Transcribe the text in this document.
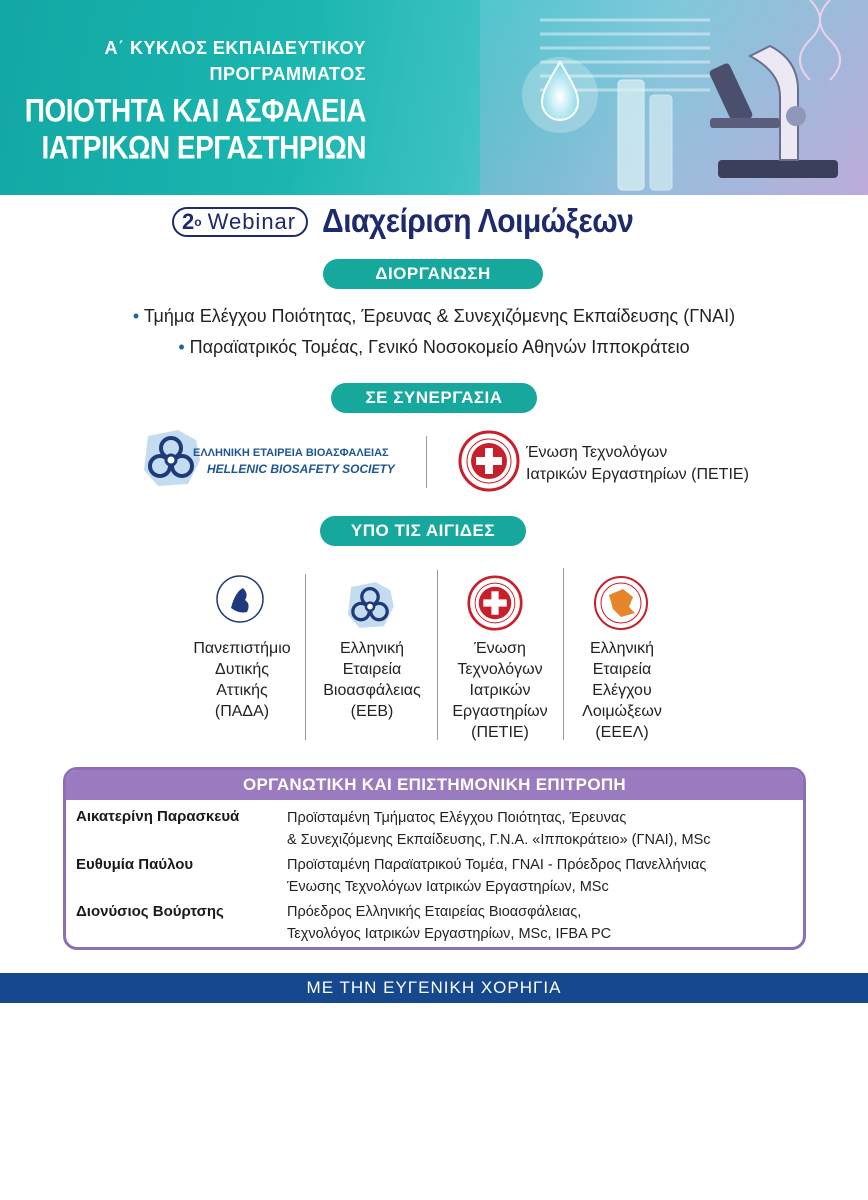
Α΄ ΚΥΚΛΟΣ ΕΚΠΑΙΔΕΥΤΙΚΟΥ
ΠΡΟΓΡΑΜΜΑΤΟΣ
ΠΟΙΟΤΗΤΑ ΚΑΙ ΑΣΦΑΛΕΙΑ
ΙΑΤΡΙΚΩΝ ΕΡΓΑΣΤΗΡΙΩΝ
2 ο Webinar Διαχείριση Λοιμώξεων
ΔΙΟΡΓΑΝΩΣΗ
• Τμήμα Ελέγχου Ποιότητας, Έρευνας & Συνεχιζόμενης Εκπαίδευσης (ΓΝΑΙ)
• Παραϊατρικός Τομέας, Γενικό Νοσοκομείο Αθηνών Ιπποκράτειο
ΣΕ ΣΥΝΕΡΓΑΣΙΑ
ΕΛΛΗΝΙΚΗ ΕΤΑΙΡΕΙΑ ΒΙΟΑΣΦΑΛΕΙΑΣ
HELLENIC BIOSAFETY SOCIETY
Ένωση Τεχνολόγων
Ιατρικών Εργαστηρίων (ΠΕΤΙΕ)
ΥΠΟ ΤΙΣ ΑΙΓΙΔΕΣ
Πανεπιστήμιο
Δυτικής
Αττικής
(ΠΑΔΑ)
Ελληνική
Εταιρεία
Βιοασφάλειας
(ΕΕΒ)
Ένωση
Τεχνολόγων
Ιατρικών
Εργαστηρίων
(ΠΕΤΙΕ)
Ελληνική
Εταιρεία
Ελέγχου
Λοιμώξεων
(ΕΕΕΛ)
ΟΡΓΑΝΩΤΙΚΗ ΚΑΙ ΕΠΙΣΤΗΜΟΝΙΚΗ ΕΠΙΤΡΟΠΗ
Αικατερίνη Παρασκευά	Προϊσταμένη Τμήματος Ελέγχου Ποιότητας, Έρευνας
& Συνεχιζόμενης Εκπαίδευσης, Γ.Ν.Α. «Ιπποκράτειο» (ΓΝΑΙ), MSc
Ευθυμία Παύλου	Προϊσταμένη Παραϊατρικού Τομέα, ΓΝΑΙ - Πρόεδρος Πανελλήνιας
Ένωσης Τεχνολόγων Ιατρικών Εργαστηρίων, MSc
Διονύσιος Βούρτσης	Πρόεδρος Ελληνικής Εταιρείας Βιοασφάλειας,
Τεχνολόγος Ιατρικών Εργαστηρίων, MSc, IFBA PC
ΜΕ ΤΗΝ ΕΥΓΕΝΙΚΗ ΧΟΡΗΓΙΑ
